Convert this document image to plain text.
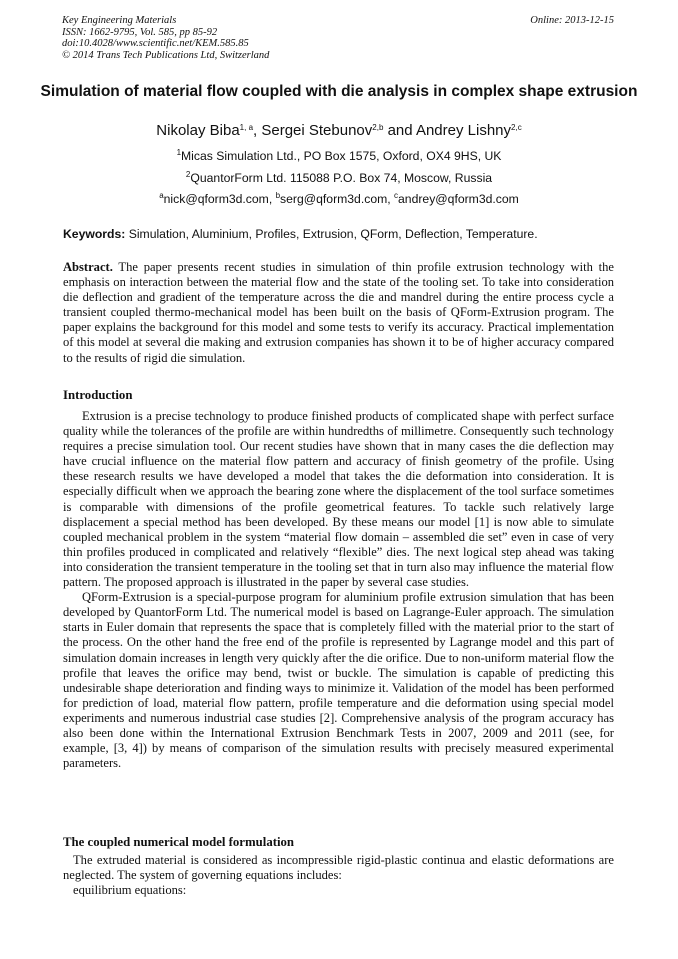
Key Engineering Materials
ISSN: 1662-9795, Vol. 585, pp 85-92
doi:10.4028/www.scientific.net/KEM.585.85
© 2014 Trans Tech Publications Ltd, Switzerland
Online: 2013-12-15
Simulation of material flow coupled with die analysis in complex shape extrusion
Nikolay Biba$^{1, a}$, Sergei Stebunov$^{2,b}$ and Andrey Lishny$^{2,c}$
$^1$Micas Simulation Ltd., PO Box 1575, Oxford, OX4 9HS, UK
$^2$QuantorForm Ltd. 115088 P.O. Box 74, Moscow, Russia
$^a$nick@qform3d.com, $^b$serg@qform3d.com, $^c$andrey@qform3d.com
Keywords: Simulation, Aluminium, Profiles, Extrusion, QForm, Deflection, Temperature.

Abstract. The paper presents recent studies in simulation of thin profile extrusion technology with the emphasis on interaction between the material flow and the state of the tooling set. To take into consideration die deflection and gradient of the temperature across the die and mandrel during the entire process cycle a transient coupled thermo-mechanical model has been built on the basis of QForm-Extrusion program. The paper explains the background for this model and some tests to verify its accuracy. Practical implementation of this model at several die making and extrusion companies has shown it to be of higher accuracy compared to the results of rigid die simulation.

Introduction

Extrusion is a precise technology to produce finished products of complicated shape with perfect surface quality while the tolerances of the profile are within hundredths of millimetre. Consequently such technology requires a precise simulation tool. Our recent studies have shown that in many cases the die deflection may have crucial influence on the material flow pattern and accuracy of finish geometry of the profile. Using these research results we have developed a model that takes the die deformation into consideration. It is especially difficult when we approach the bearing zone where the displacement of the tool surface sometimes is comparable with dimensions of the profile geometrical features. To tackle such relatively large displacement a special method has been developed. By these means our model [1] is now able to simulate coupled mechanical problem in the system “material flow domain – assembled die set” even in case of very thin profiles produced in complicated and relatively “flexible” dies. The next logical step ahead was taking into consideration the transient temperature in the tooling set that in turn also may influence the material flow pattern. The proposed approach is illustrated in the paper by several case studies.

QForm-Extrusion is a special-purpose program for aluminium profile extrusion simulation that has been developed by QuantorForm Ltd. The numerical model is based on Lagrange-Euler approach. The simulation starts in Euler domain that represents the space that is completely filled with the material prior to the start of the process. On the other hand the free end of the profile is represented by Lagrange model and this part of simulation domain increases in length very quickly after the die orifice. Due to non-uniform material flow the profile that leaves the orifice may bend, twist or buckle. The simulation is capable of predicting this undesirable shape deterioration and finding ways to minimize it. Validation of the model has been performed for prediction of load, material flow pattern, profile temperature and die deformation using special model experiments and numerous industrial case studies [2]. Comprehensive analysis of the program accuracy has also been done within the International Extrusion Benchmark Tests in 2007, 2009 and 2011 (see, for example, [3, 4]) by means of comparison of the simulation results with precisely measured experimental parameters.

The coupled numerical model formulation

The extruded material is considered as incompressible rigid-plastic continua and elastic deformations are neglected. The system of governing equations includes:

equilibrium equations:
